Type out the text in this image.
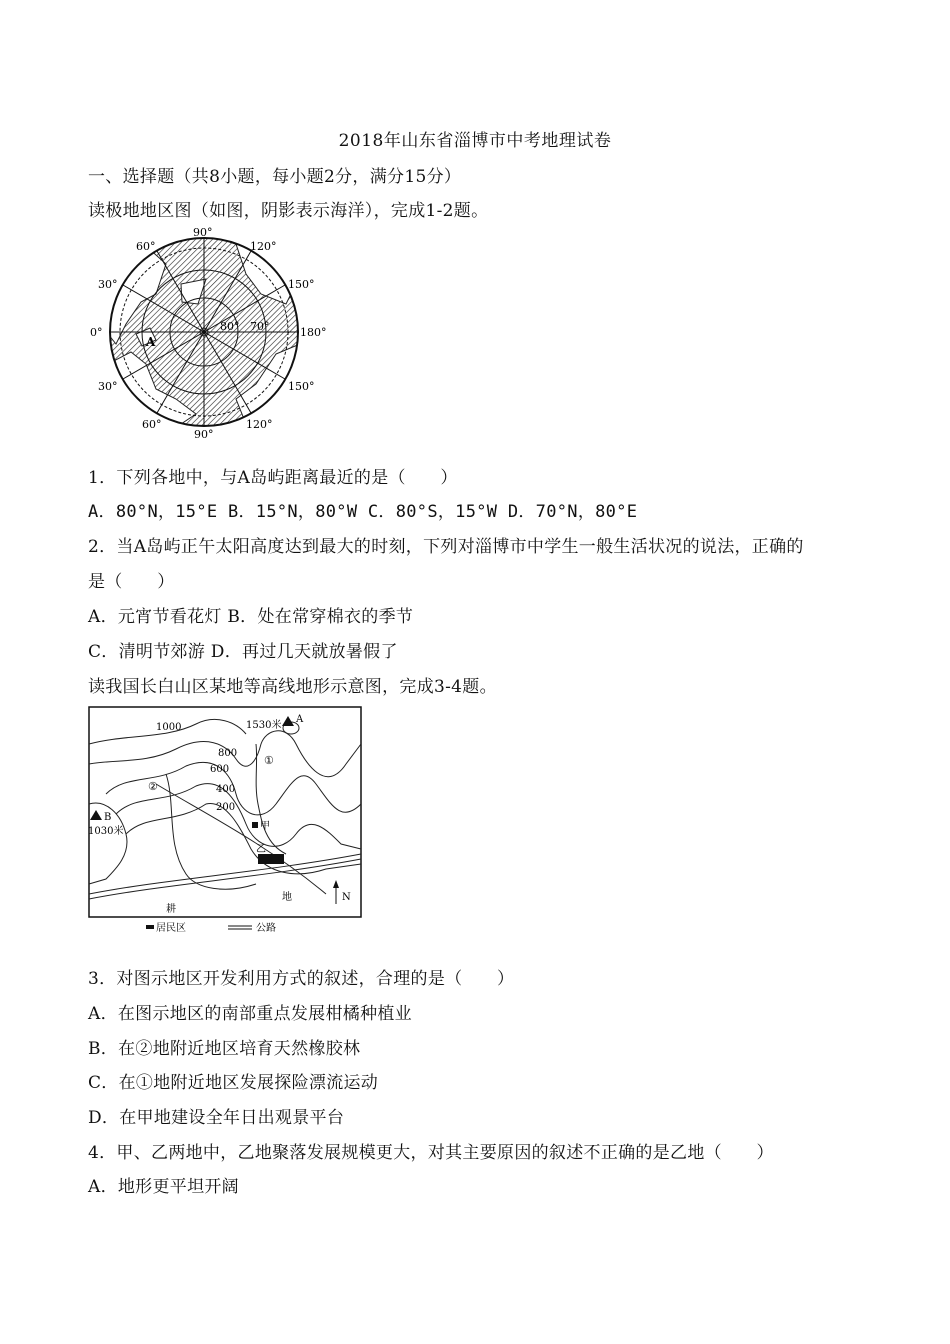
2018年山东省淄博市中考地理试卷
一、选择题（共8小题，每小题2分，满分15分）
读极地地区图（如图，阴影表示海洋），完成1-2题。
90°
60°	120°
30°	150°
0°	180°
30°	150°
60°
90°
120°
80° 70°
A
1．下列各地中，与A岛屿距离最近的是（　　）
A．80°N，15°E B．15°N，80°W C．80°S，15°W D．70°N，80°E
2．当A岛屿正午太阳高度达到最大的时刻，下列对淄博市中学生一般生活状况的说法，正确的
是（　　）
A．元宵节看花灯 B．处在常穿棉衣的季节
C．清明节郊游 D．再过几天就放暑假了
读我国长白山区某地等高线地形示意图，完成3-4题。
1000	1530米
A
800
600
400
200
①
②
B
1030米	甲
乙
耕
地	N
居民区	公路
3．对图示地区开发利用方式的叙述，合理的是（　　）
A．在图示地区的南部重点发展柑橘种植业
B．在②地附近地区培育天然橡胶林
C．在①地附近地区发展探险漂流运动
D．在甲地建设全年日出观景平台
4．甲、乙两地中，乙地聚落发展规模更大，对其主要原因的叙述不正确的是乙地（　　）
A．地形更平坦开阔
